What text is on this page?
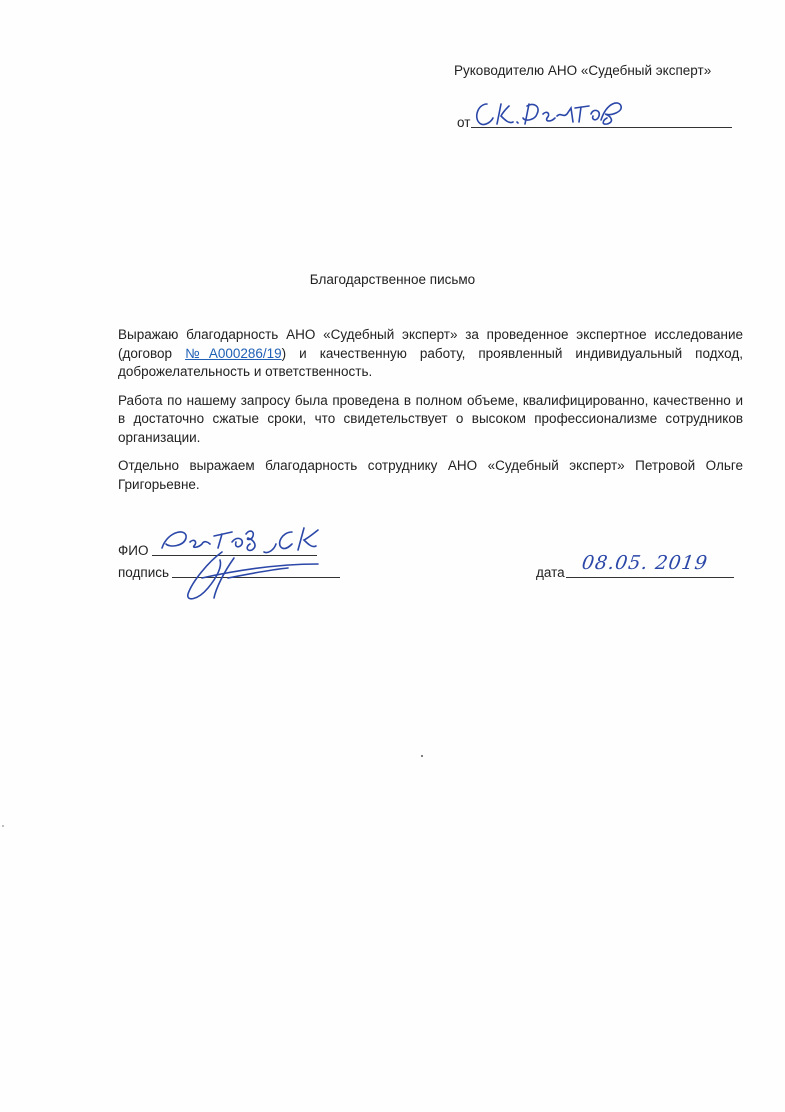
Руководителю АНО «Судебный эксперт»
от
Благодарственное письмо

Выражаю благодарность АНО «Судебный эксперт» за проведенное экспертное исследование (договор №А000286/19) и качественную работу, проявленный индивидуальный подход, доброжелательность и ответственность.

Работа по нашему запросу была проведена в полном объеме, квалифицированно, качественно и в достаточно сжатые сроки, что свидетельствует о высоком профессионализме сотрудников организации.

Отдельно выражаем благодарность сотруднику АНО «Судебный эксперт» Петровой Ольге Григорьевне.

ФИО
подпись	дата 08.05. 2019
